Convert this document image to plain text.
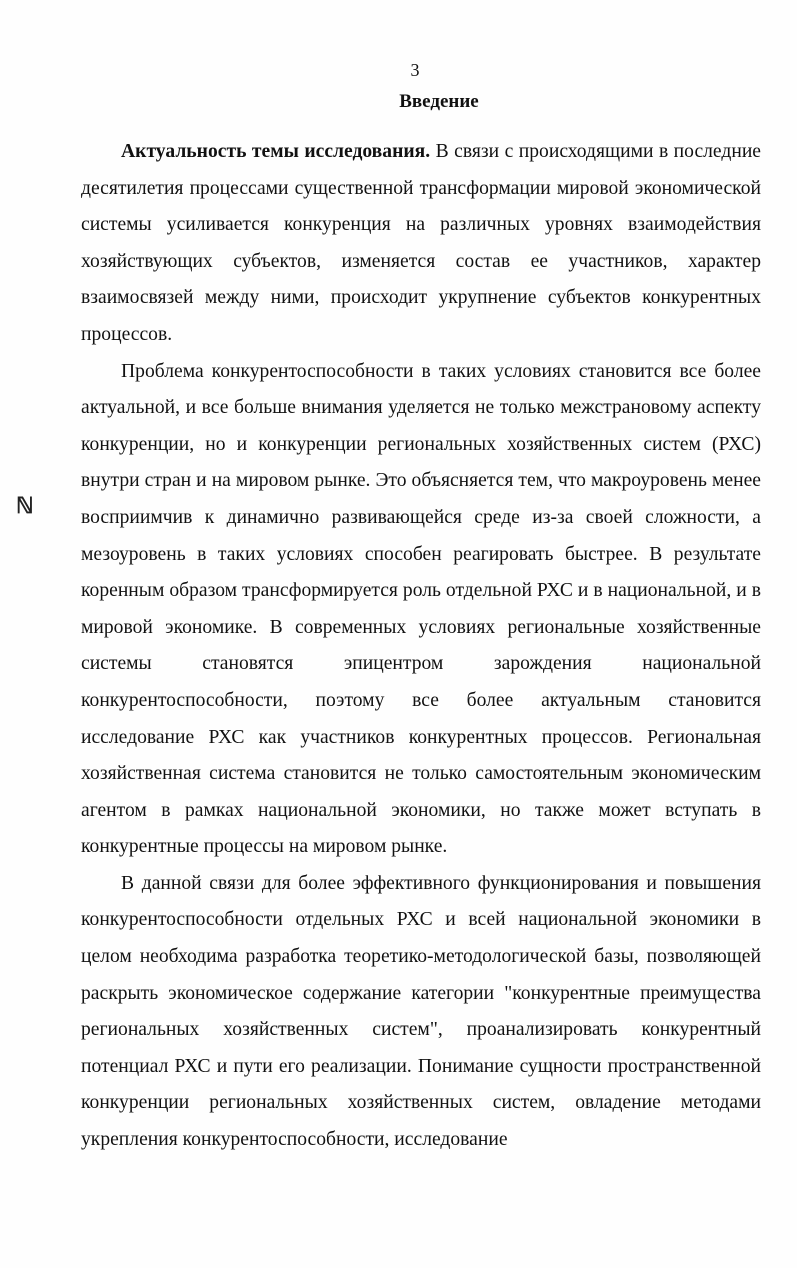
3
Введение
ℕ

Актуальность темы исследования. В связи с происходящими в последние десятилетия процессами существенной трансформации мировой экономической системы усиливается конкуренция на различных уровнях взаимодействия хозяйствующих субъектов, изменяется состав ее участников, характер взаимосвязей между ними, происходит укрупнение субъектов конкурентных процессов.

Проблема конкурентоспособности в таких условиях становится все более актуальной, и все больше внимания уделяется не только межстрановому аспекту конкуренции, но и конкуренции региональных хозяйственных систем (РХС) внутри стран и на мировом рынке. Это объясняется тем, что макроуровень менее восприимчив к динамично развивающейся среде из-за своей сложности, а мезоуровень в таких условиях способен реагировать быстрее. В результате коренным образом трансформируется роль отдельной РХС и в национальной, и в мировой экономике. В современных условиях региональные хозяйственные системы становятся эпицентром зарождения национальной конкурентоспособности, поэтому все более актуальным становится исследование РХС как участников конкурентных процессов. Региональная хозяйственная система становится не только самостоятельным экономическим агентом в рамках национальной экономики, но также может вступать в конкурентные процессы на мировом рынке.

В данной связи для более эффективного функционирования и повышения конкурентоспособности отдельных РХС и всей национальной экономики в целом необходима разработка теоретико-методологической базы, позволяющей раскрыть экономическое содержание категории "конкурентные преимущества региональных хозяйственных систем", проанализировать конкурентный потенциал РХС и пути его реализации. Понимание сущности пространственной конкуренции региональных хозяйственных систем, овладение методами укрепления конкурентоспособности, исследование
